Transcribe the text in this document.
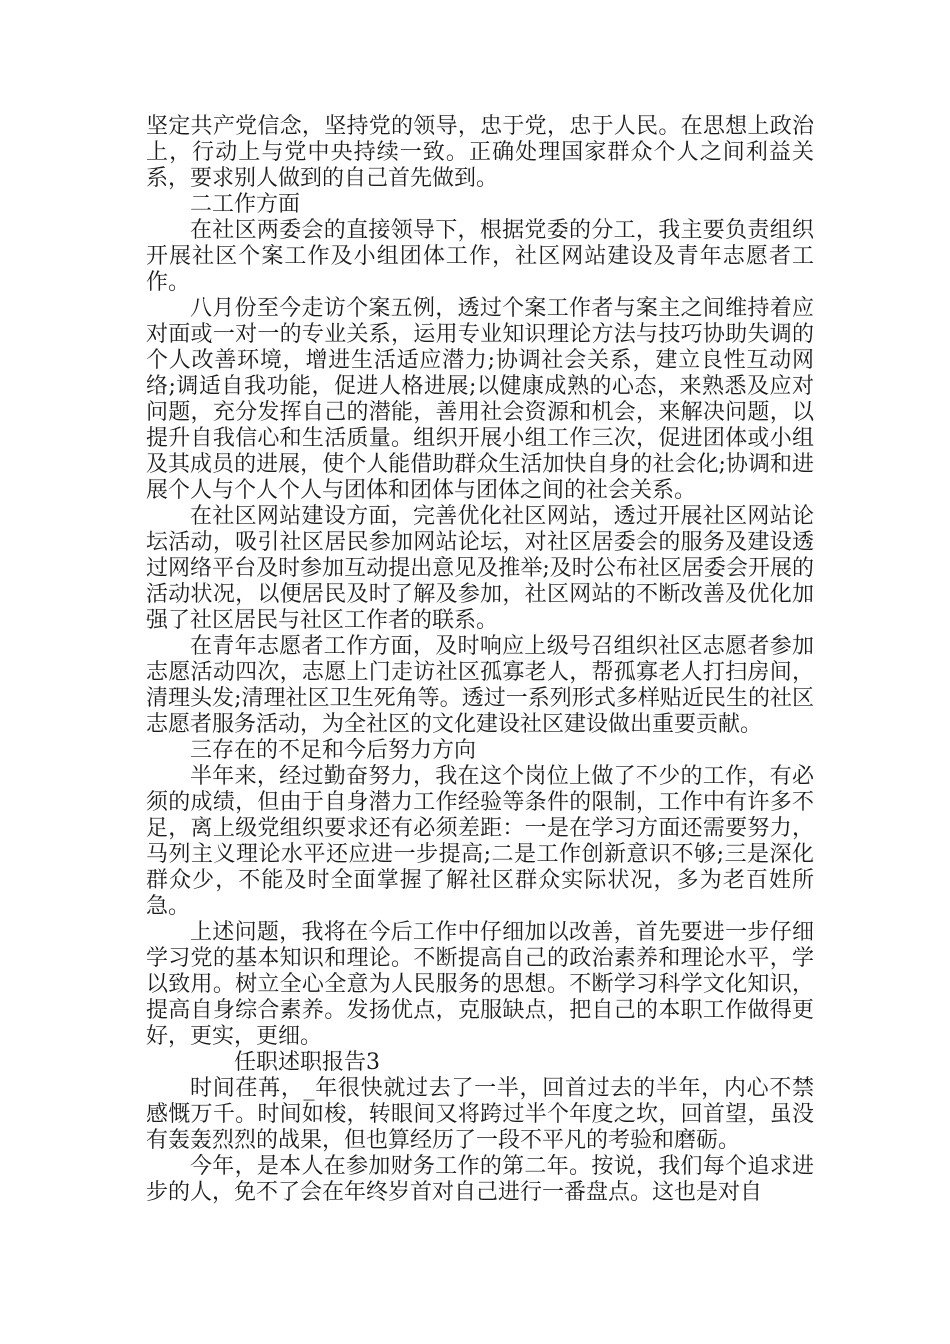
坚定共产党信念，坚持党的领导，忠于党，忠于人民。在思想上政治上，行动上与党中央持续一致。正确处理国家群众个人之间利益关系，要求别人做到的自己首先做到。

二工作方面

在社区两委会的直接领导下，根据党委的分工，我主要负责组织开展社区个案工作及小组团体工作，社区网站建设及青年志愿者工作。

八月份至今走访个案五例，透过个案工作者与案主之间维持着应对面或一对一的专业关系，运用专业知识理论方法与技巧协助失调的个人改善环境，增进生活适应潜力;协调社会关系，建立良性互动网络;调适自我功能，促进人格进展;以健康成熟的心态，来熟悉及应对问题，充分发挥自己的潜能，善用社会资源和机会，来解决问题，以提升自我信心和生活质量。组织开展小组工作三次，促进团体或小组及其成员的进展，使个人能借助群众生活加快自身的社会化;协调和进展个人与个人个人与团体和团体与团体之间的社会关系。

在社区网站建设方面，完善优化社区网站，透过开展社区网站论坛活动，吸引社区居民参加网站论坛，对社区居委会的服务及建设透过网络平台及时参加互动提出意见及推举;及时公布社区居委会开展的活动状况，以便居民及时了解及参加，社区网站的不断改善及优化加强了社区居民与社区工作者的联系。

在青年志愿者工作方面，及时响应上级号召组织社区志愿者参加志愿活动四次，志愿上门走访社区孤寡老人，帮孤寡老人打扫房间，清理头发;清理社区卫生死角等。透过一系列形式多样贴近民生的社区志愿者服务活动，为全社区的文化建设社区建设做出重要贡献。

三存在的不足和今后努力方向

半年来，经过勤奋努力，我在这个岗位上做了不少的工作，有必须的成绩，但由于自身潜力工作经验等条件的限制，工作中有许多不足，离上级党组织要求还有必须差距：一是在学习方面还需要努力，马列主义理论水平还应进一步提高;二是工作创新意识不够;三是深化群众少，不能及时全面掌握了解社区群众实际状况，多为老百姓所急。

上述问题，我将在今后工作中仔细加以改善，首先要进一步仔细学习党的基本知识和理论。不断提高自己的政治素养和理论水平，学以致用。树立全心全意为人民服务的思想。不断学习科学文化知识，提高自身综合素养。发扬优点，克服缺点，把自己的本职工作做得更好，更实，更细。

任职述职报告3

时间荏苒，_年很快就过去了一半，回首过去的半年，内心不禁感慨万千。时间如梭，转眼间又将跨过半个年度之坎，回首望，虽没有轰轰烈烈的战果，但也算经历了一段不平凡的考验和磨砺。

今年，是本人在参加财务工作的第二年。按说，我们每个追求进步的人，免不了会在年终岁首对自己进行一番盘点。这也是对自
